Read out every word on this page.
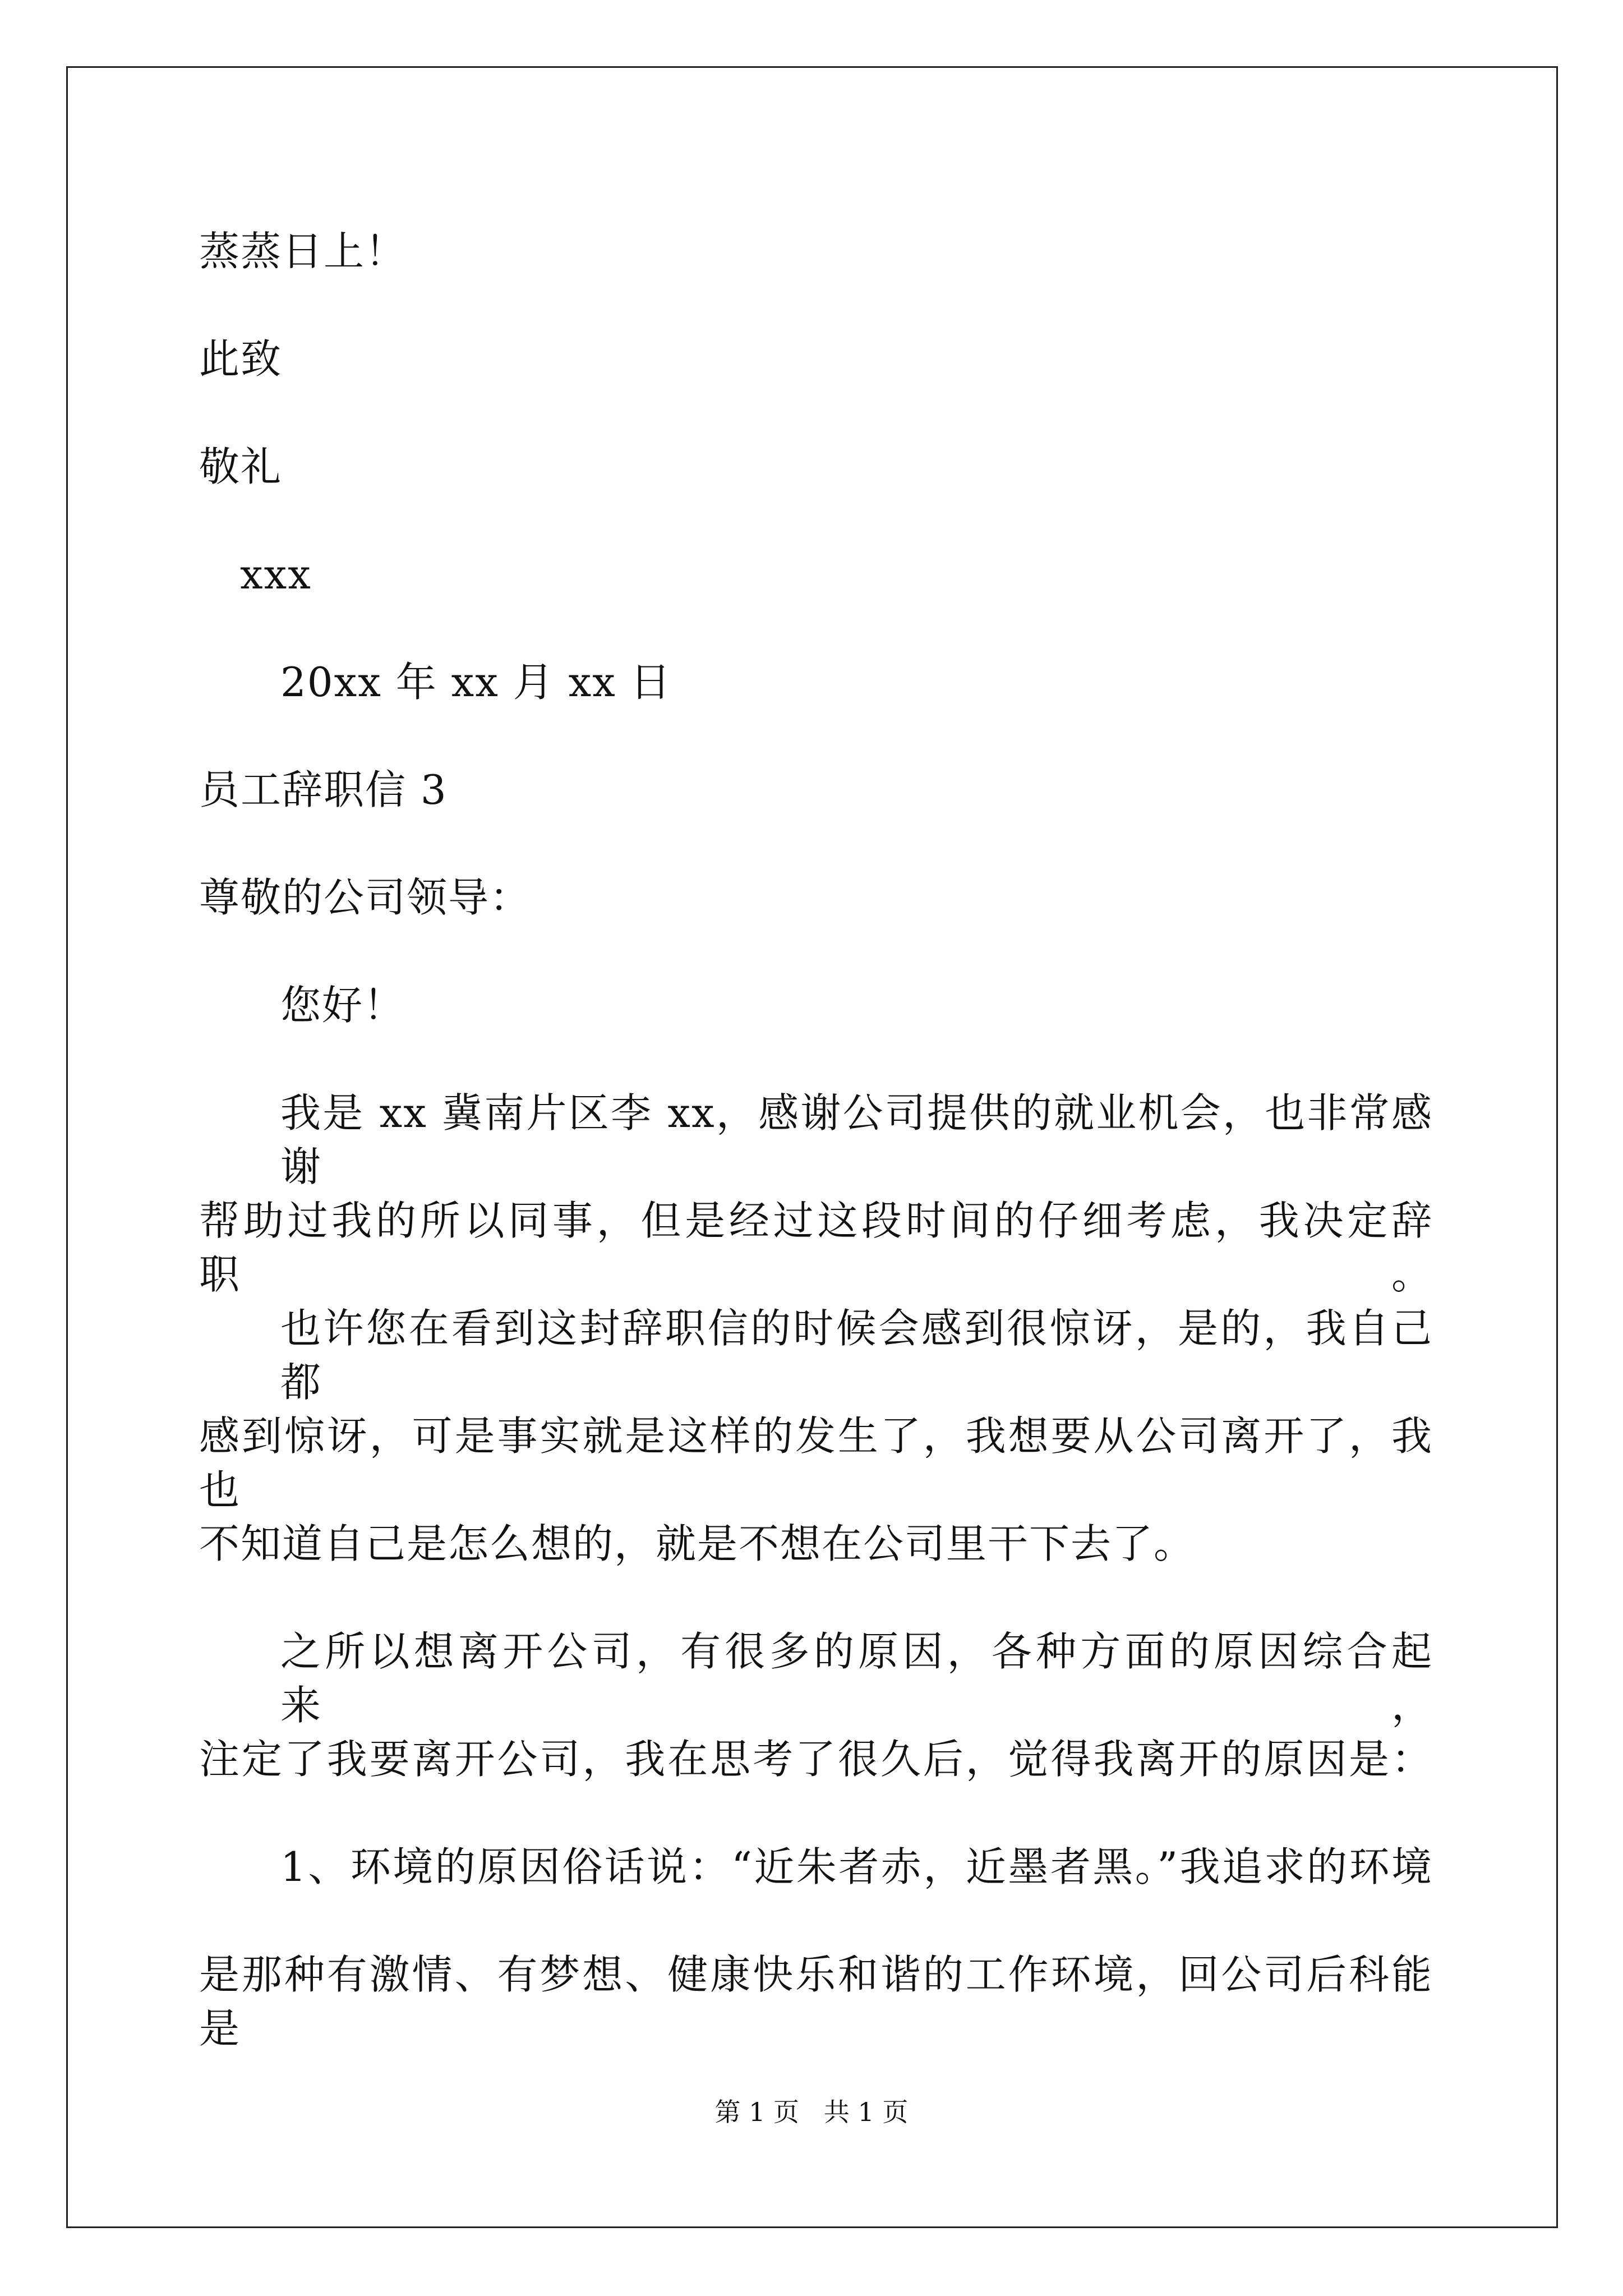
蒸蒸日上！
此致
敬礼
xxx
20xx 年 xx 月 xx 日
员工辞职信 3
尊敬的公司领导：
您好！
我是 xx 冀南片区李 xx，感谢公司提供的就业机会，也非常感谢
帮助过我的所以同事，但是经过这段时间的仔细考虑，我决定辞职。
也许您在看到这封辞职信的时候会感到很惊讶，是的，我自己都
感到惊讶，可是事实就是这样的发生了，我想要从公司离开了，我也
不知道自己是怎么想的，就是不想在公司里干下去了。
之所以想离开公司，有很多的原因，各种方面的原因综合起来，
注定了我要离开公司，我在思考了很久后，觉得我离开的原因是：
1、环境的原因俗话说：“近朱者赤，近墨者黑。”我追求的环境
是那种有激情、有梦想、健康快乐和谐的工作环境，回公司后科能是
第 1 页   共 1 页
